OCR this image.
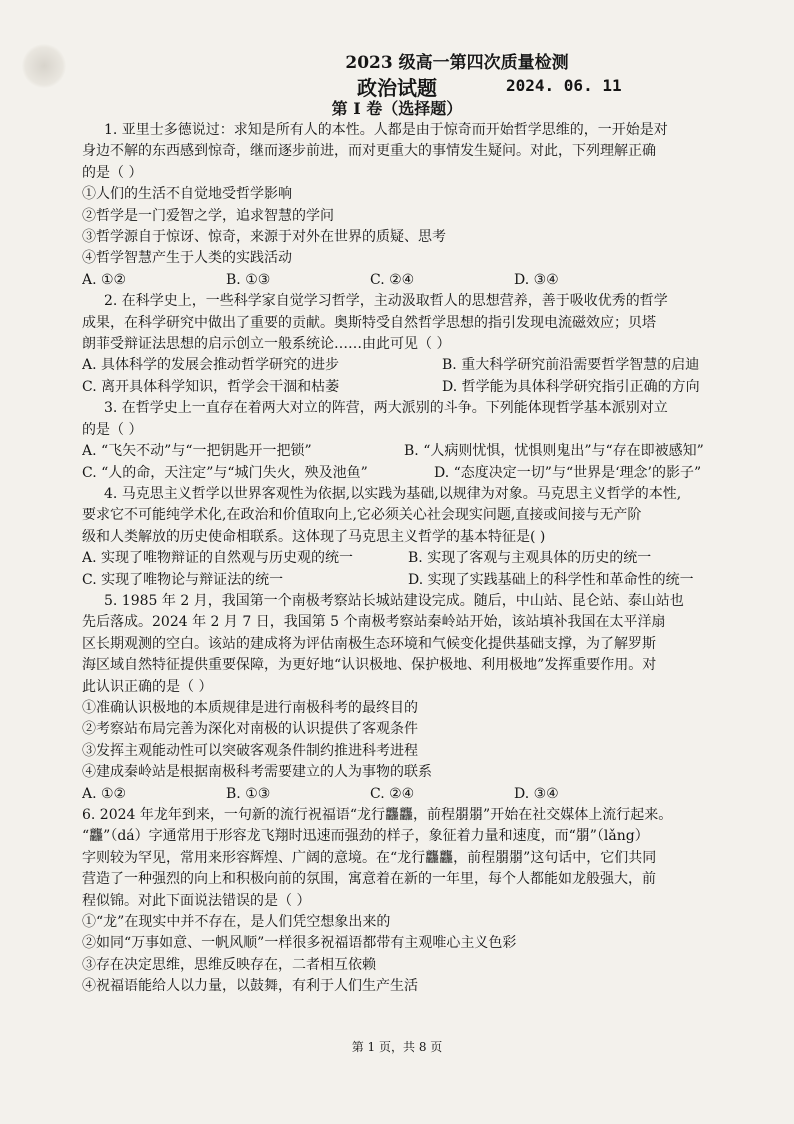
2023 级高一第四次质量检测
政治试题	2024. 06. 11
第 I 卷（选择题）

1. 亚里士多德说过：求知是所有人的本性。人都是由于惊奇而开始哲学思维的，一开始是对

身边不解的东西感到惊奇，继而逐步前进，而对更重大的事情发生疑问。对此，下列理解正确

的是（ ）

①人们的生活不自觉地受哲学影响

②哲学是一门爱智之学，追求智慧的学问

③哲学源自于惊讶、惊奇，来源于对外在世界的质疑、思考

④哲学智慧产生于人类的实践活动

A. ①②	B. ①③	C. ②④	D. ③④

2. 在科学史上，一些科学家自觉学习哲学，主动汲取哲人的思想营养，善于吸收优秀的哲学

成果，在科学研究中做出了重要的贡献。奥斯特受自然哲学思想的指引发现电流磁效应；贝塔

朗菲受辩证法思想的启示创立一般系统论……由此可见（ ）

A. 具体科学的发展会推动哲学研究的进步	B. 重大科学研究前沿需要哲学智慧的启迪

C. 离开具体科学知识，哲学会干涸和枯萎	D. 哲学能为具体科学研究指引正确的方向

3. 在哲学史上一直存在着两大对立的阵营，两大派别的斗争。下列能体现哲学基本派别对立

的是（ ）

A. “飞矢不动”与“一把钥匙开一把锁”	B. “人病则忧惧，忧惧则鬼出”与“存在即被感知”

C. “人的命，天注定”与“城门失火，殃及池鱼”	D. “态度决定一切”与“世界是‘理念’的影子”

4. 马克思主义哲学以世界客观性为依据,以实践为基础,以规律为对象。马克思主义哲学的本性,

要求它不可能纯学术化,在政治和价值取向上,它必须关心社会现实问题,直接或间接与无产阶

级和人类解放的历史使命相联系。这体现了马克思主义哲学的基本特征是( )

A. 实现了唯物辩证的自然观与历史观的统一	B. 实现了客观与主观具体的历史的统一

C. 实现了唯物论与辩证法的统一	D. 实现了实践基础上的科学性和革命性的统一

5. 1985 年 2 月，我国第一个南极考察站长城站建设完成。随后，中山站、昆仑站、泰山站也

先后落成。2024 年 2 月 7 日，我国第 5 个南极考察站秦岭站开始，该站填补我国在太平洋扇

区长期观测的空白。该站的建成将为评估南极生态环境和气候变化提供基础支撑，为了解罗斯

海区域自然特征提供重要保障，为更好地“认识极地、保护极地、利用极地”发挥重要作用。对

此认识正确的是（ ）

①准确认识极地的本质规律是进行南极科考的最终目的

②考察站布局完善为深化对南极的认识提供了客观条件

③发挥主观能动性可以突破客观条件制约推进科考进程

④建成秦岭站是根据南极科考需要建立的人为事物的联系

A. ①②	B. ①③	C. ②④	D. ③④

6. 2024 年龙年到来，一句新的流行祝福语“龙行龘龘，前程朤朤”开始在社交媒体上流行起来。

“龘”（dá）字通常用于形容龙飞翔时迅速而强劲的样子，象征着力量和速度，而“朤”（lǎng）

字则较为罕见，常用来形容辉煌、广阔的意境。在“龙行龘龘，前程朤朤”这句话中，它们共同

营造了一种强烈的向上和积极向前的氛围，寓意着在新的一年里，每个人都能如龙般强大，前

程似锦。对此下面说法错误的是（ ）

①“龙”在现实中并不存在，是人们凭空想象出来的

②如同“万事如意、一帆风顺”一样很多祝福语都带有主观唯心主义色彩

③存在决定思维，思维反映存在，二者相互依赖

④祝福语能给人以力量，以鼓舞，有利于人们生产生活

第 1 页，共 8 页
